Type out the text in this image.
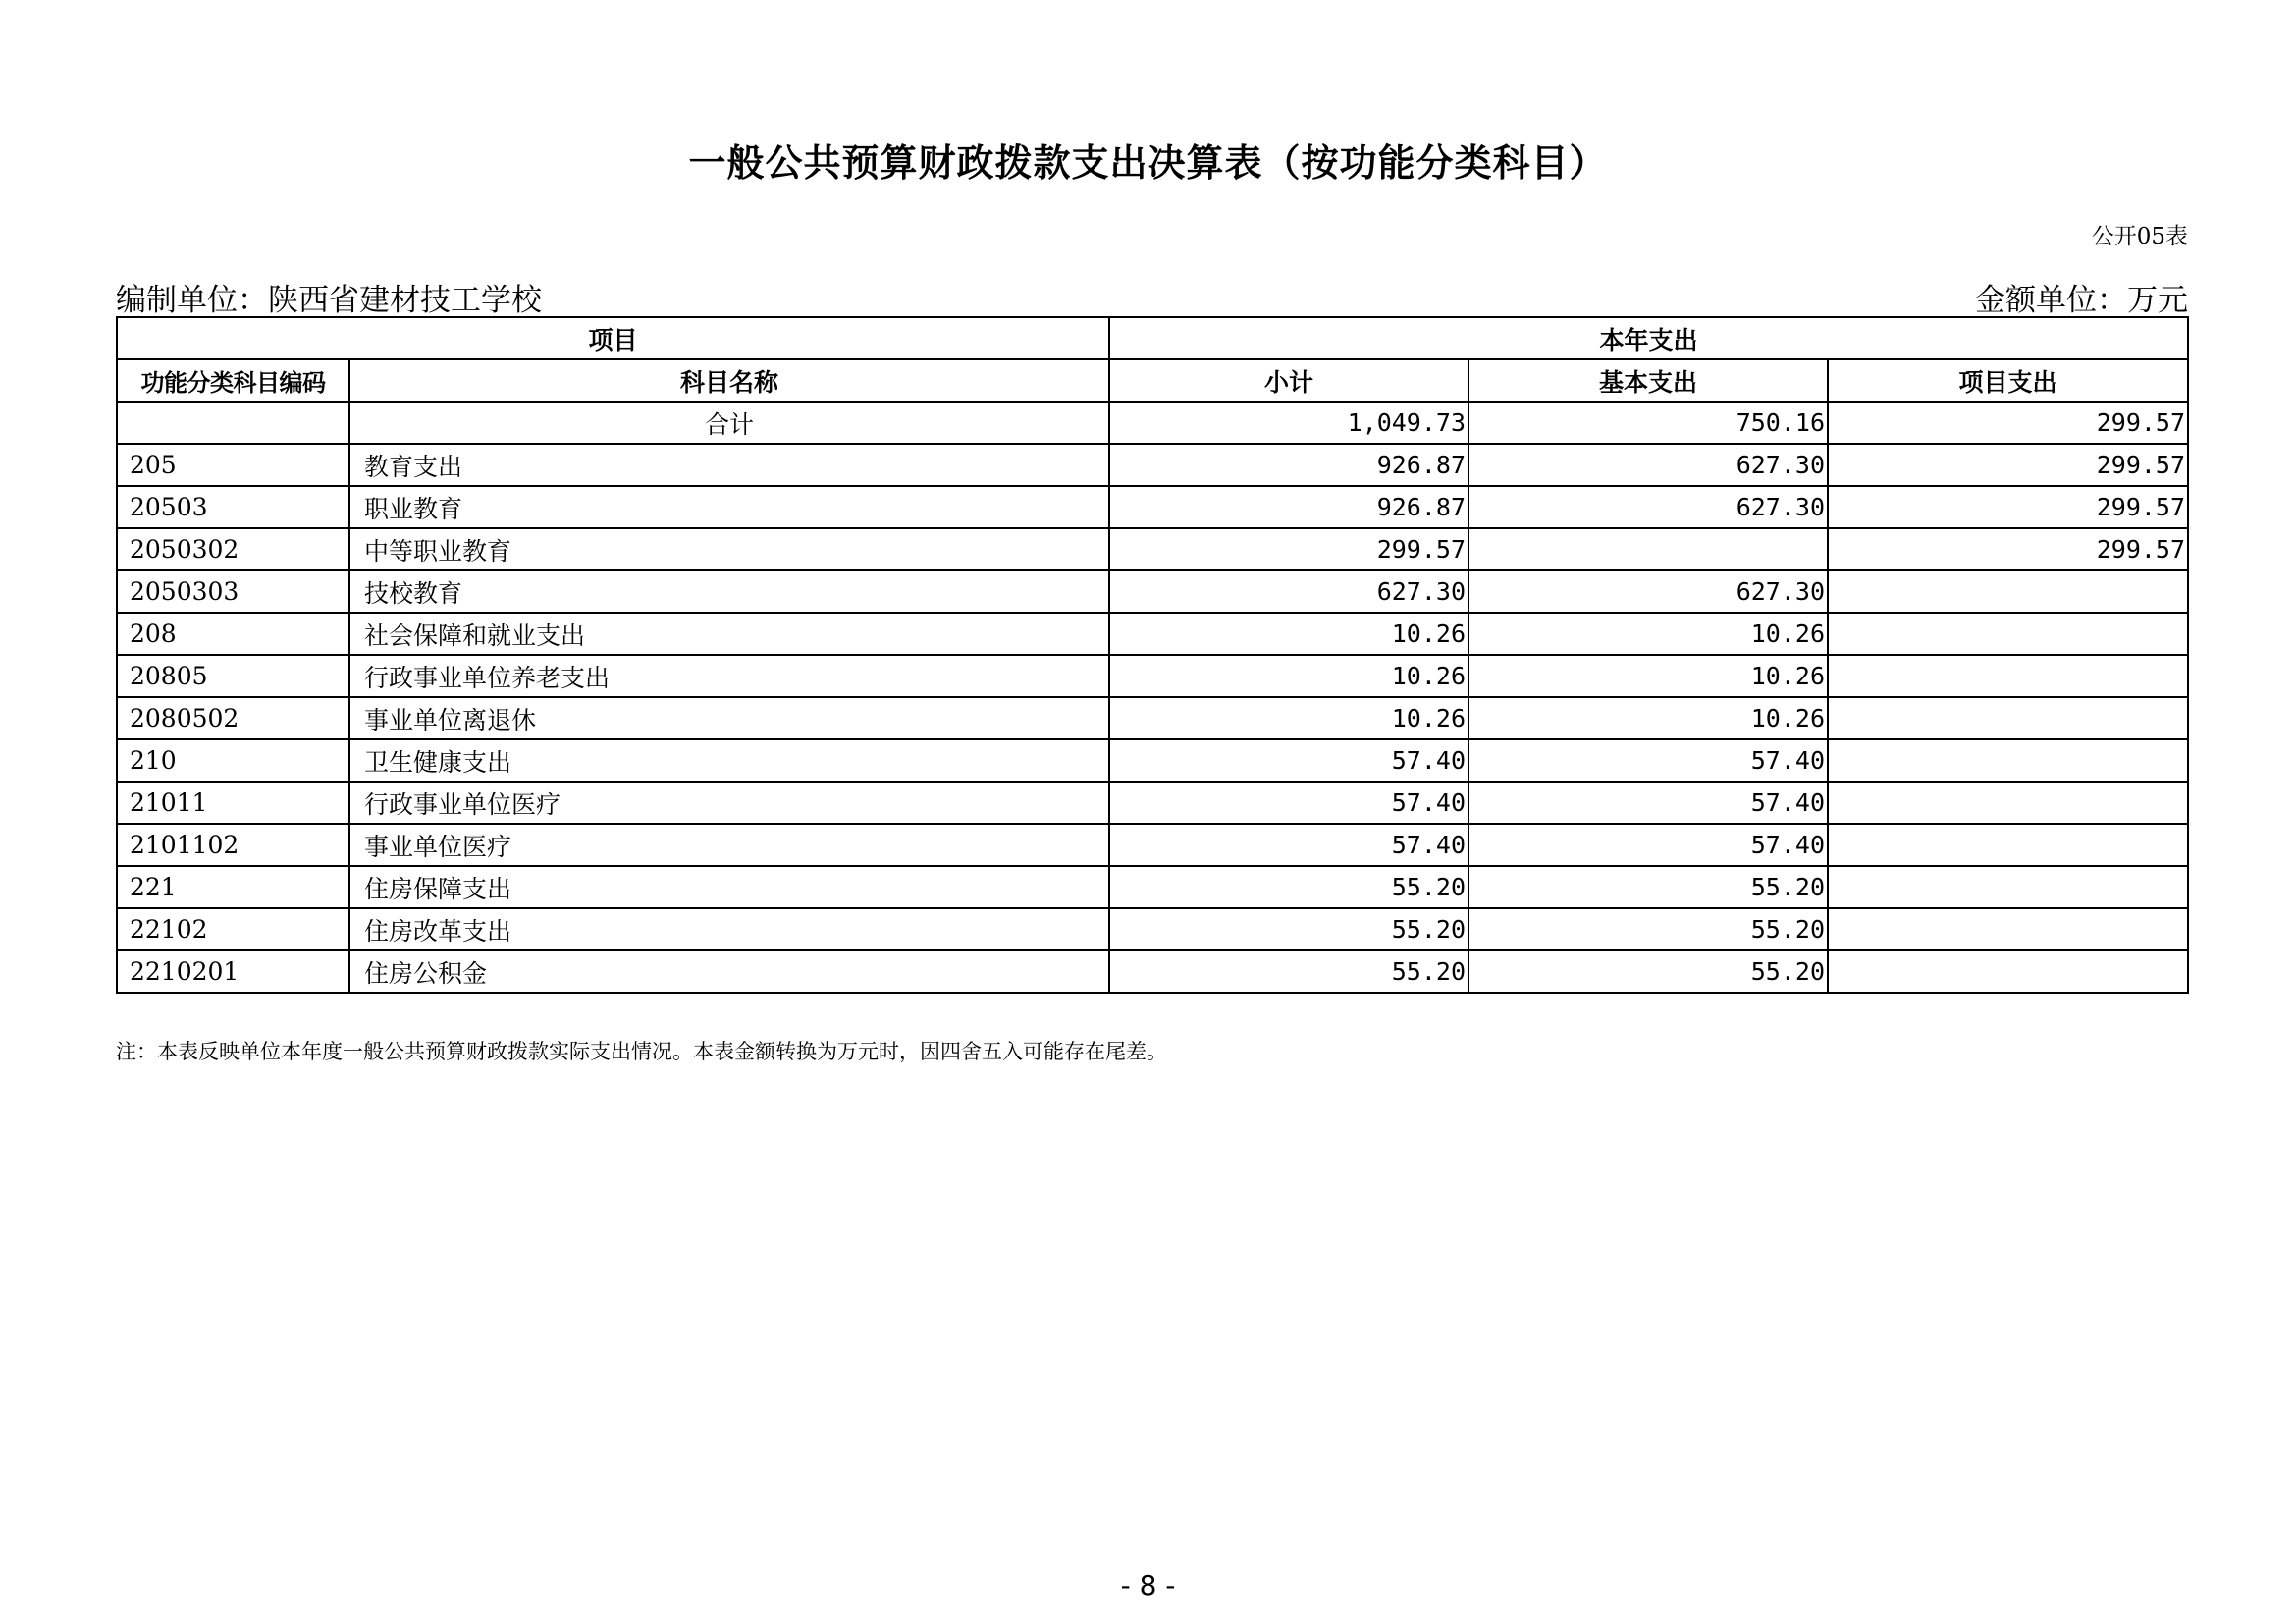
一般公共预算财政拨款支出决算表（按功能分类科目）
公开05表
编制单位：陕西省建材技工学校	金额单位：万元
项目		本年支出		
功能分类科目编码	科目名称	小计	基本支出	项目支出
	合计	1,049.73	750.16	299.57
205	教育支出	926.87	627.30	299.57
20503	职业教育	926.87	627.30	299.57
2050302	中等职业教育	299.57		299.57
2050303	技校教育	627.30	627.30	
208	社会保障和就业支出	10.26	10.26	
20805	行政事业单位养老支出	10.26	10.26	
2080502	事业单位离退休	10.26	10.26	
210	卫生健康支出	57.40	57.40	
21011	行政事业单位医疗	57.40	57.40	
2101102	事业单位医疗	57.40	57.40	
221	住房保障支出	55.20	55.20	
22102	住房改革支出	55.20	55.20	
2210201	住房公积金	55.20	55.20	
注：本表反映单位本年度一般公共预算财政拨款实际支出情况。本表金额转换为万元时，因四舍五入可能存在尾差。
- 8 -
